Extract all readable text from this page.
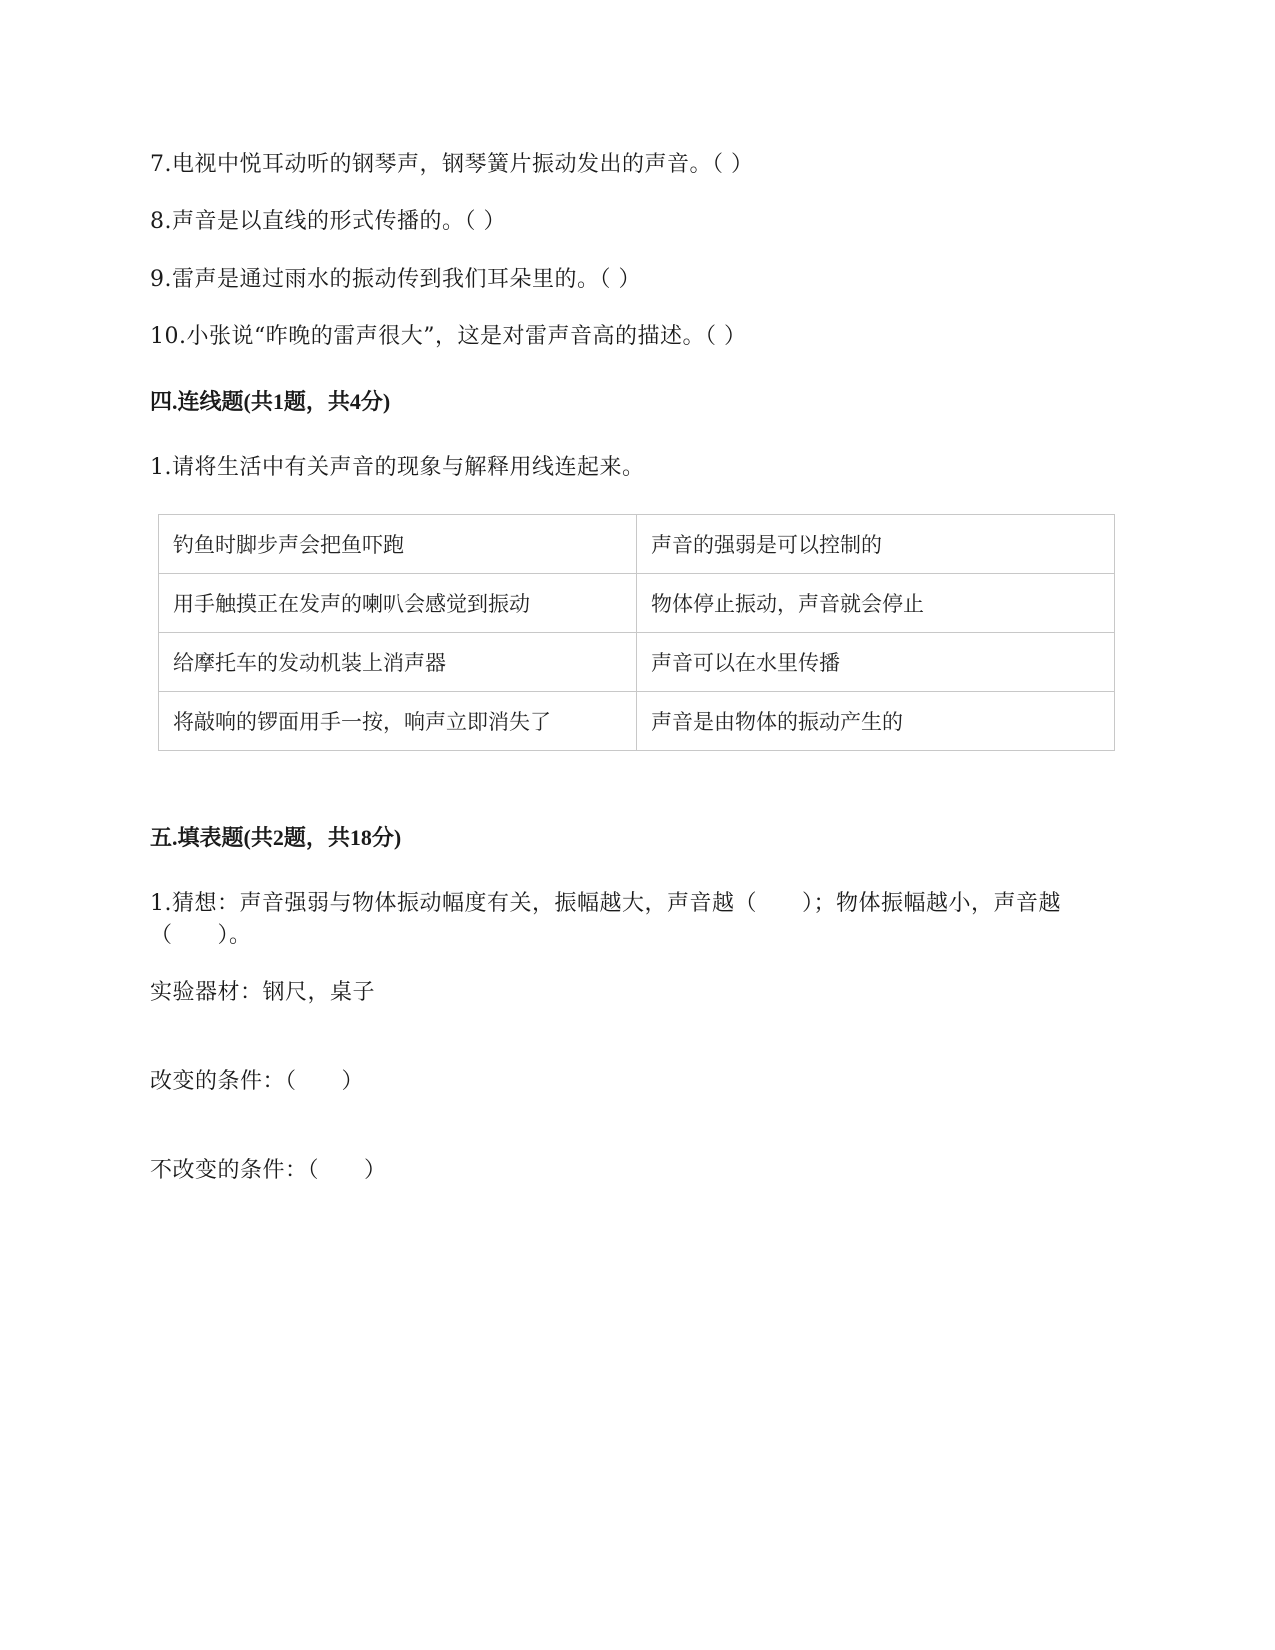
7.电视中悦耳动听的钢琴声，钢琴簧片振动发出的声音。（ ）
8.声音是以直线的形式传播的。（ ）
9.雷声是通过雨水的振动传到我们耳朵里的。（ ）
10.小张说“昨晚的雷声很大”，这是对雷声音高的描述。（ ）
四.连线题(共1题，共4分)
1.请将生活中有关声音的现象与解释用线连起来。
钓鱼时脚步声会把鱼吓跑	声音的强弱是可以控制的
用手触摸正在发声的喇叭会感觉到振动	物体停止振动，声音就会停止
给摩托车的发动机装上消声器	声音可以在水里传播
将敲响的锣面用手一按，响声立即消失了	声音是由物体的振动产生的
五.填表题(共2题，共18分)
1.猜想：声音强弱与物体振动幅度有关，振幅越大，声音越（　　）；物体振幅越小，声音越（　　）。
实验器材：钢尺，桌子
改变的条件：（　　）
不改变的条件：（　　）
